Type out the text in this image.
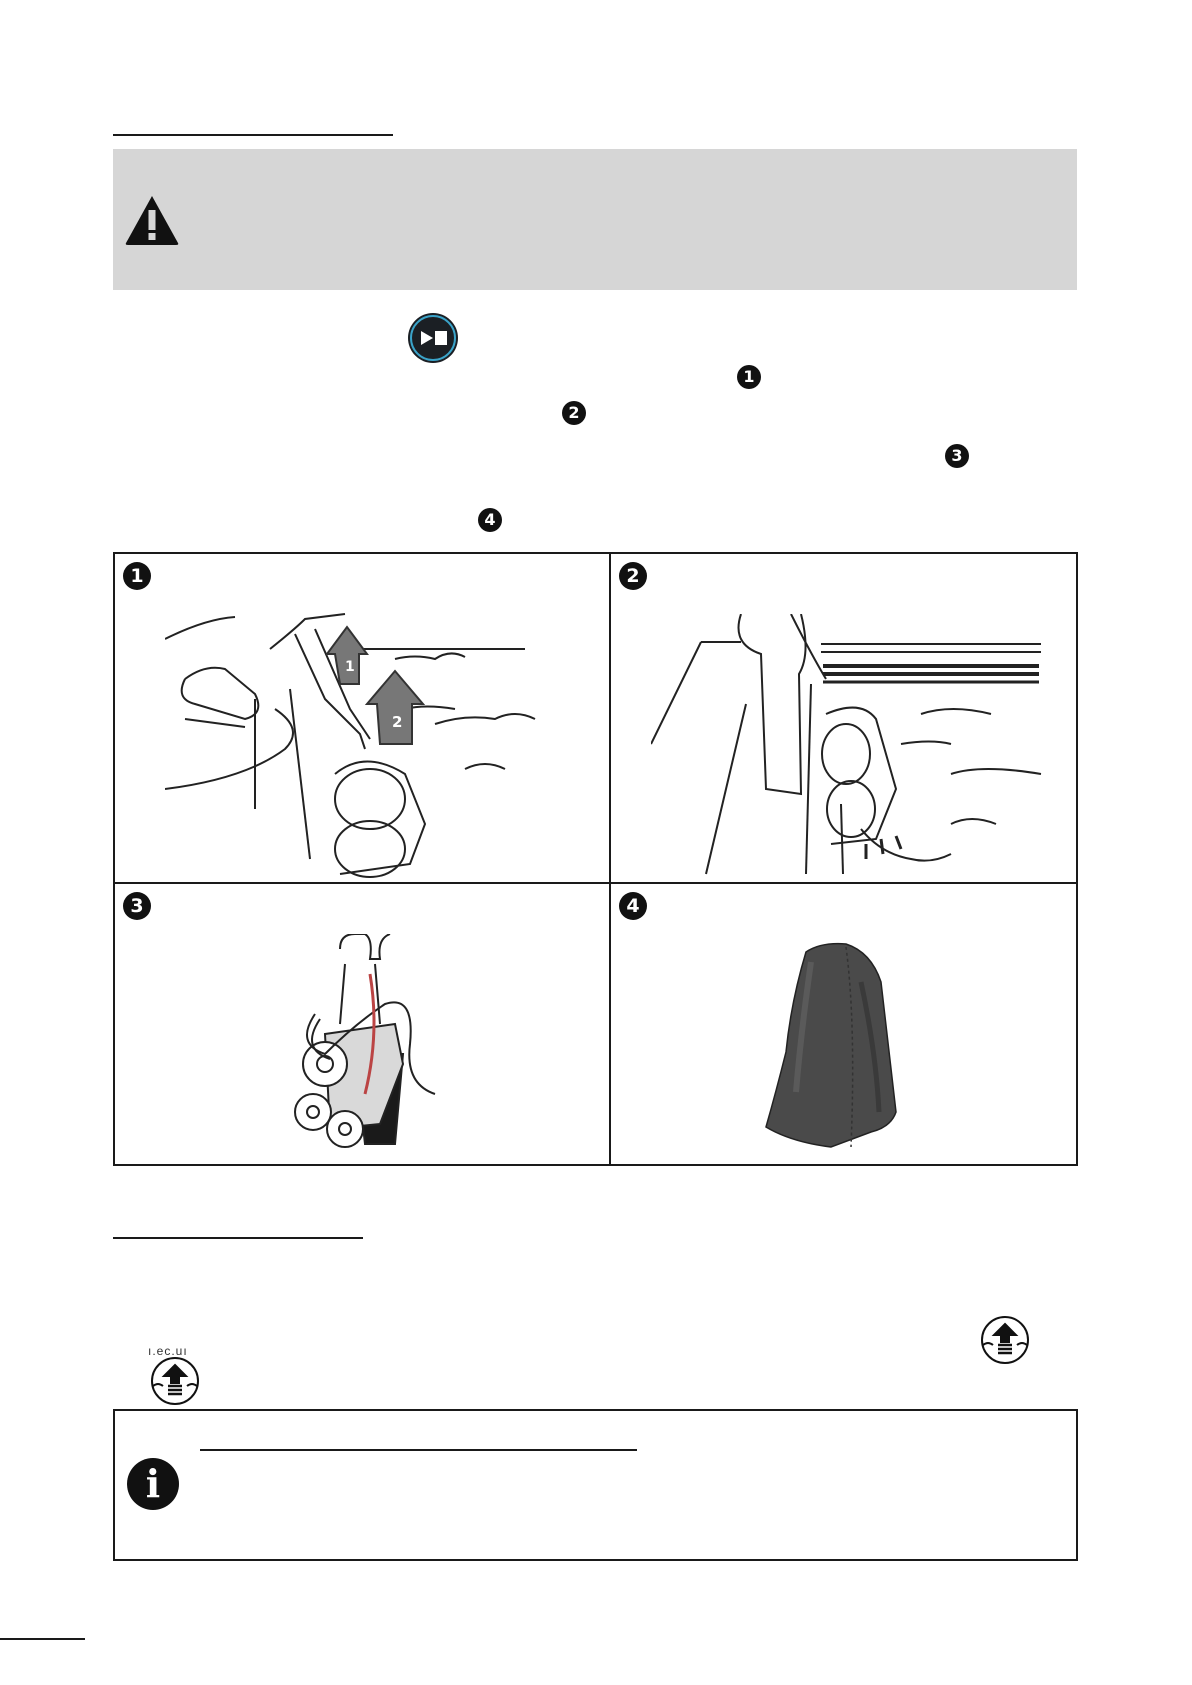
1
2
3
4
1
1
2
2
3	4
ı.ec.uı
i
